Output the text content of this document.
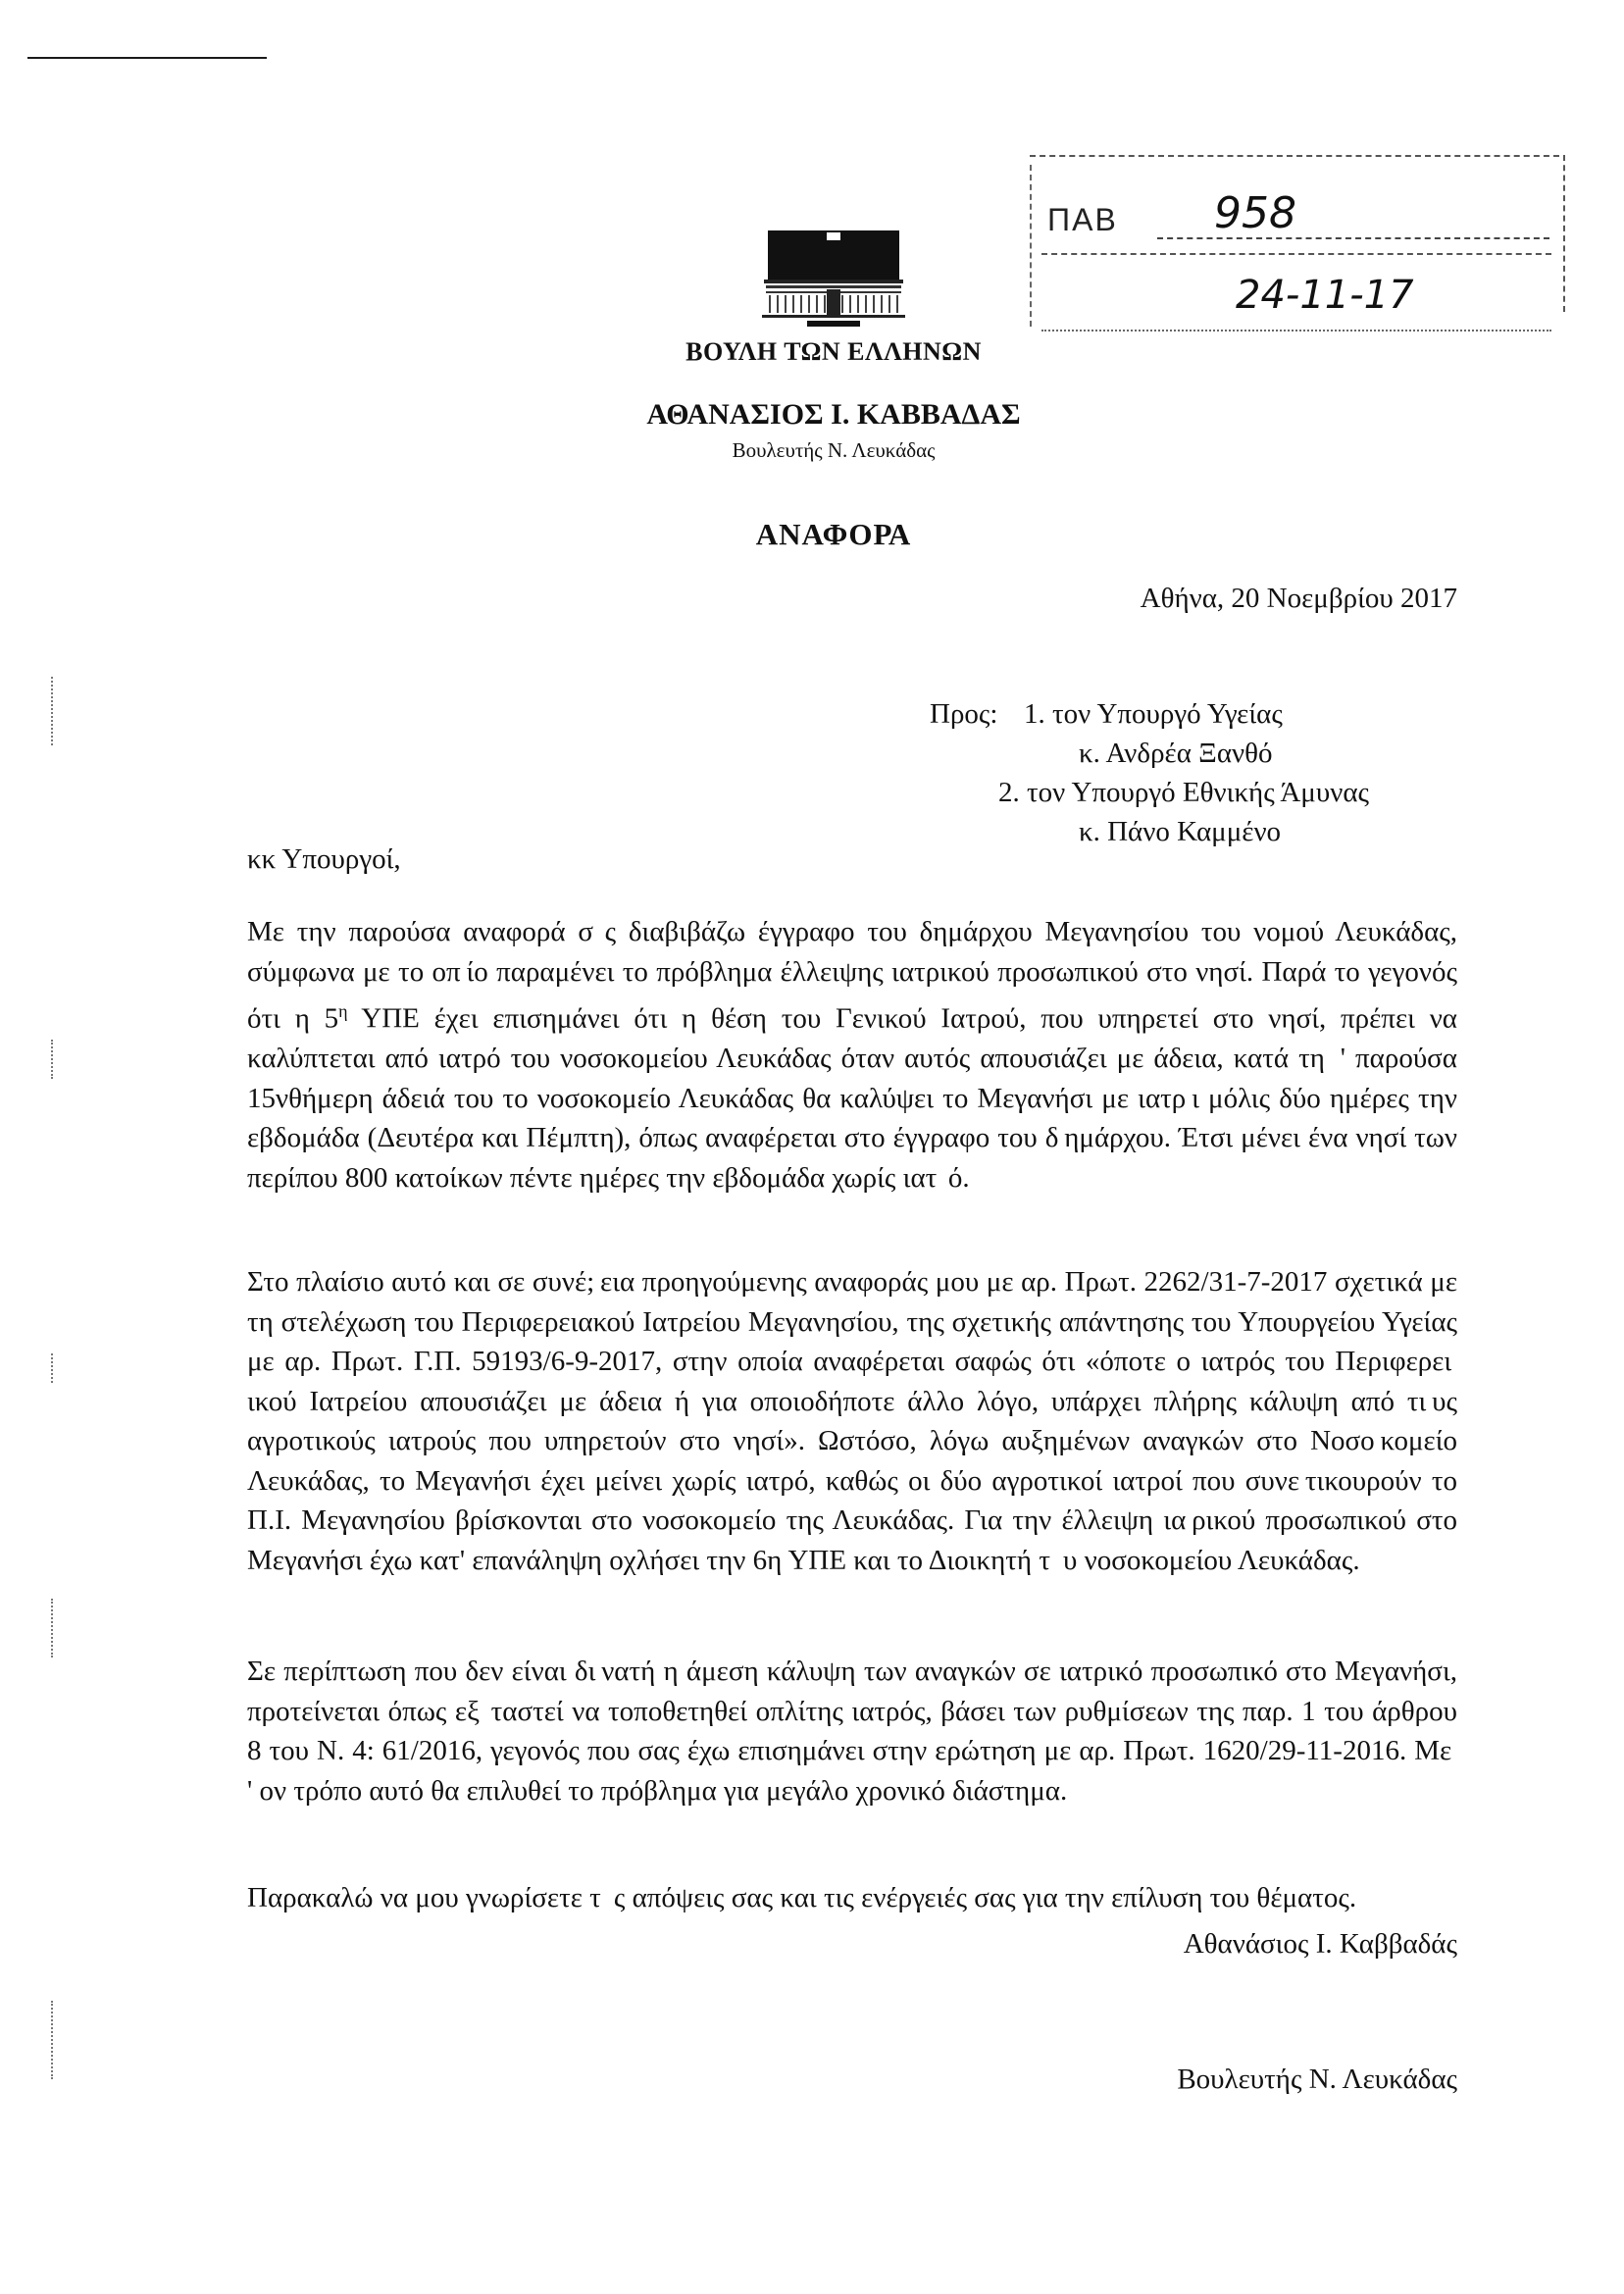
ΠΑΒ 958
24-11-17
ΒΟΥΛΗ ΤΩΝ ΕΛΛΗΝΩΝ
ΑΘΑΝΑΣΙΟΣ Ι. ΚΑΒΒΑΔΑΣ
Βουλευτής Ν. Λευκάδας
ΑΝΑΦΟΡΑ
Αθήνα, 20 Νοεμβρίου 2017
Προς: 1. τον Υπουργό Υγείας
κ. Ανδρέα Ξανθό
2. τον Υπουργό Εθνικής Άμυνας
κ. Πάνο Καμμένο
κκ Υπουργοί,

Με την παρούσα αναφορά σ  ς διαβιβάζω έγγραφο του δημάρχου Μεγανησίου του νομού Λευκάδας, σύμφωνα με το οπ ίο παραμένει το πρόβλημα έλλειψης ιατρικού προσωπικού στο νησί. Παρά το γεγονός ότι η $5^\eta$ ΥΠΕ έχει επισημάνει ότι η θέση του Γενικού Ιατρού, που υπηρετεί στο νησί, πρέπει να καλύπτεται από ιατρό του νοσοκομείου Λευκάδας όταν αυτός απουσιάζει με άδεια, κατά τη  ' παρούσα 15νθήμερη άδειά του το νοσοκομείο Λευκάδας θα καλύψει το Μεγανήσι με ιατρ ι μόλις δύο ημέρες την εβδομάδα (Δευτέρα και Πέμπτη), όπως αναφέρεται στο έγγραφο του δ ημάρχου. Έτσι μένει ένα νησί των περίπου 800 κατοίκων πέντε ημέρες την εβδομάδα χωρίς ιατ  ό.

Στο πλαίσιο αυτό και σε συνέ; εια προηγούμενης αναφοράς μου με αρ. Πρωτ. 2262/31-7-2017 σχετικά με τη στελέχωση του Περιφερειακού Ιατρείου Μεγανησίου, της σχετικής απάντησης του Υπουργείου Υγείας με αρ. Πρωτ. Γ.Π. 59193/6-9-2017, στην οποία αναφέρεται σαφώς ότι «όποτε ο ιατρός του Περιφερει ικού Ιατρείου απουσιάζει με άδεια ή για οποιοδήποτε άλλο λόγο, υπάρχει πλήρης κάλυψη από τι υς αγροτικούς ιατρούς που υπηρετούν στο νησί». Ωστόσο, λόγω αυξημένων αναγκών στο Νοσο κομείο Λευκάδας, το Μεγανήσι έχει μείνει χωρίς ιατρό, καθώς οι δύο αγροτικοί ιατροί που συνε τικουρούν το Π.Ι. Μεγανησίου βρίσκονται στο νοσοκομείο της Λευκάδας. Για την έλλειψη ια ρικού προσωπικού στο Μεγανήσι έχω κατ' επανάληψη οχλήσει την 6η ΥΠΕ και το Διοικητή τ  υ νοσοκομείου Λευκάδας.

Σε περίπτωση που δεν είναι δι νατή η άμεση κάλυψη των αναγκών σε ιατρικό προσωπικό στο Μεγανήσι, προτείνεται όπως εξ  ταστεί να τοποθετηθεί οπλίτης ιατρός, βάσει των ρυθμίσεων της παρ. 1 του άρθρου 8 του Ν. 4: 61/2016, γεγονός που σας έχω επισημάνει στην ερώτηση με αρ. Πρωτ. 1620/29-11-2016. Με  ' ον τρόπο αυτό θα επιλυθεί το πρόβλημα για μεγάλο χρονικό διάστημα.

Παρακαλώ να μου γνωρίσετε τ  ς απόψεις σας και τις ενέργειές σας για την επίλυση του θέματος.

Αθανάσιος Ι. Καββαδάς
Βουλευτής Ν. Λευκάδας
